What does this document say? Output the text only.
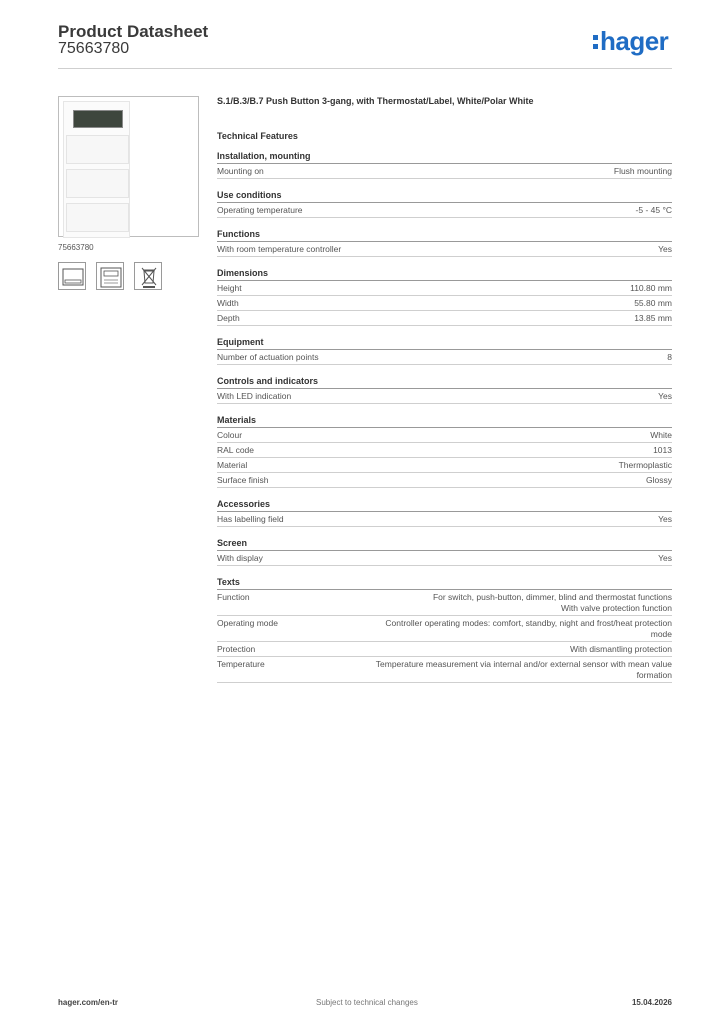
Product Datasheet
75663780	hager
75663780
S.1/B.3/B.7 Push Button 3-gang, with Thermostat/Label, White/Polar White
Technical Features
Installation, mounting
Mounting on	Flush mounting
Use conditions
Operating temperature	-5 - 45 °C
Functions
With room temperature controller	Yes
Dimensions
Height	110.80 mm
Width	55.80 mm
Depth	13.85 mm
Equipment
Number of actuation points	8
Controls and indicators
With LED indication	Yes
Materials
Colour	White
RAL code	1013
Material	Thermoplastic
Surface finish	Glossy
Accessories
Has labelling field	Yes
Screen
With display	Yes
Texts
Function	For switch, push-button, dimmer, blind and thermostat functions
With valve protection function
Operating mode	Controller operating modes: comfort, standby, night and frost/heat protection mode
Protection	With dismantling protection
Temperature	Temperature measurement via internal and/or external sensor with mean value formation
hager.com/en-tr	Subject to technical changes	15.04.2026
